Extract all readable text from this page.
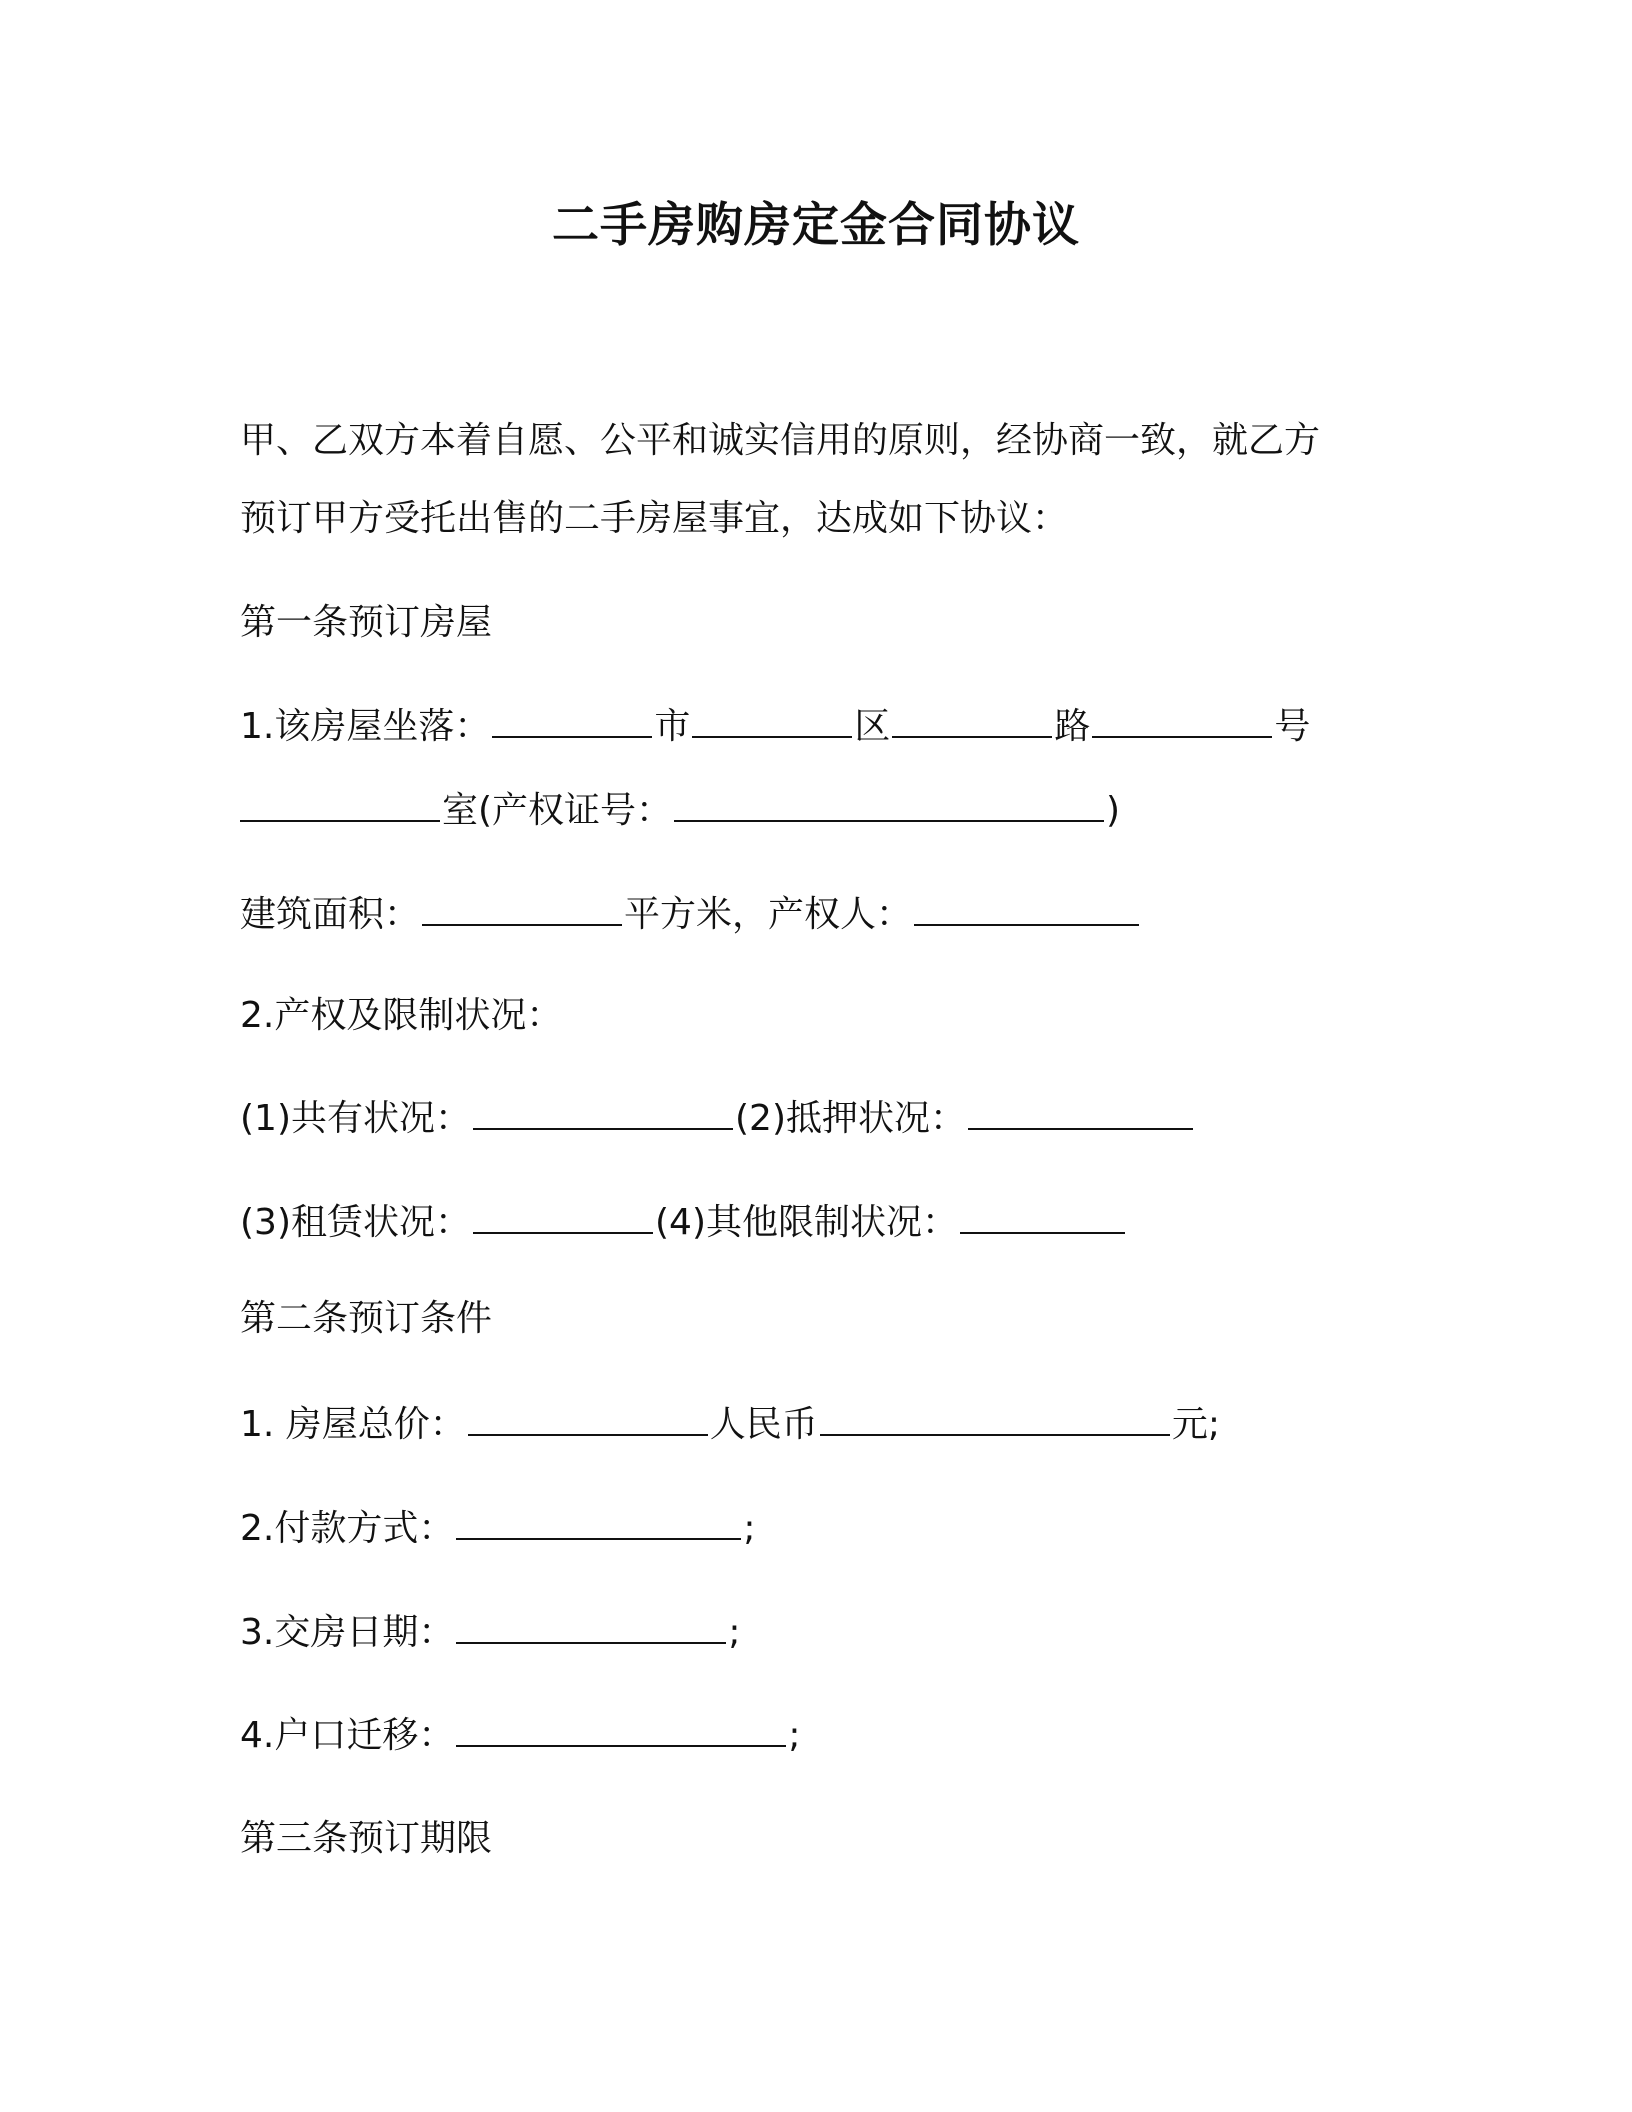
二手房购房定金合同协议
甲、乙双方本着自愿、公平和诚实信用的原则，经协商一致，就乙方
预订甲方受托出售的二手房屋事宜，达成如下协议：
第一条预订房屋
1.该房屋坐落：	市	区	路	号
室(产权证号：	)
建筑面积：	平方米，产权人：
2.产权及限制状况：
(1)共有状况：	(2)抵押状况：
(3)租赁状况：	(4)其他限制状况：
第二条预订条件
1. 房屋总价：	人民币	元;
2.付款方式：	;
3.交房日期：	;
4.户口迁移：	;
第三条预订期限
